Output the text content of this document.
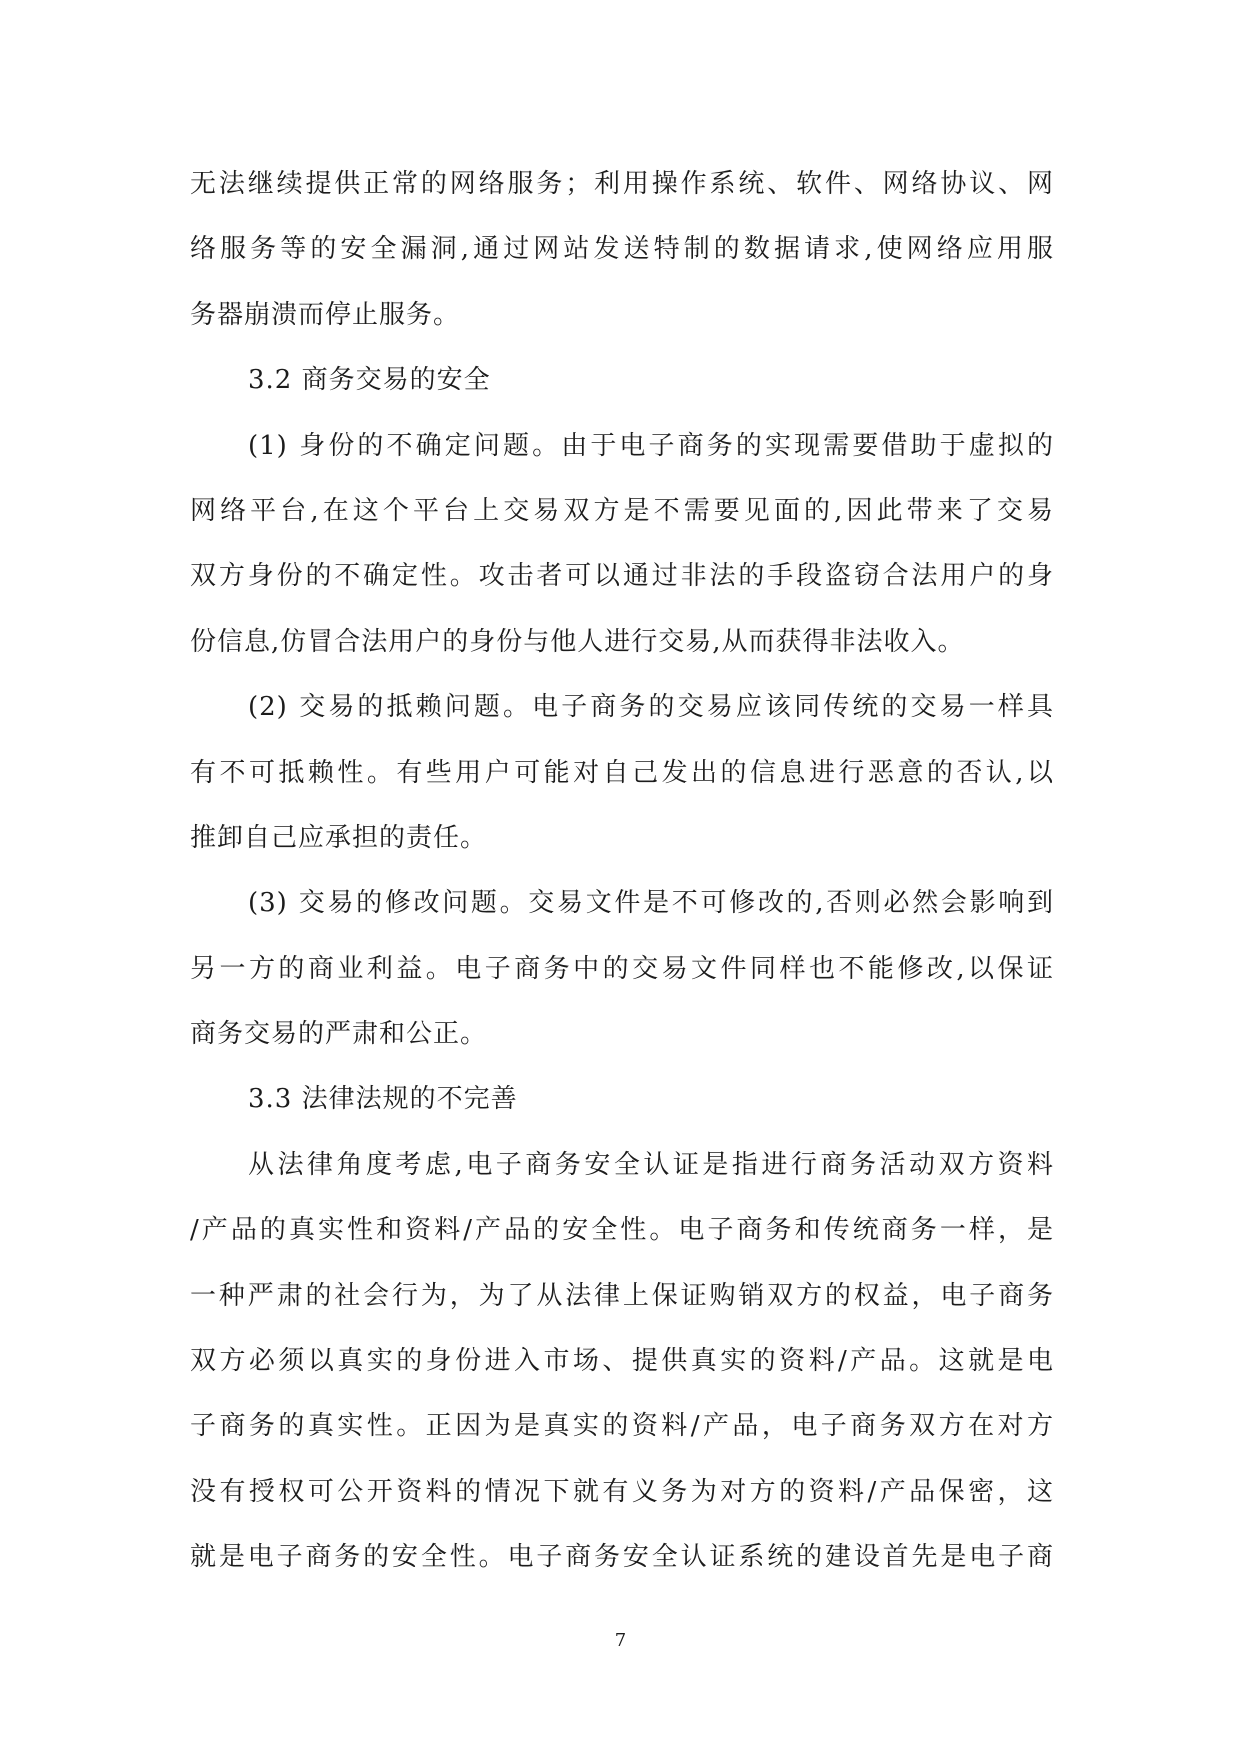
无法继续提供正常的网络服务；利用操作系统、软件、网络协议、网
络服务等的安全漏洞,通过网站发送特制的数据请求,使网络应用服
务器崩溃而停止服务。
3.2 商务交易的安全
(1) 身份的不确定问题。由于电子商务的实现需要借助于虚拟的
网络平台,在这个平台上交易双方是不需要见面的,因此带来了交易
双方身份的不确定性。攻击者可以通过非法的手段盗窃合法用户的身
份信息,仿冒合法用户的身份与他人进行交易,从而获得非法收入。
(2) 交易的抵赖问题。电子商务的交易应该同传统的交易一样具
有不可抵赖性。有些用户可能对自己发出的信息进行恶意的否认,以
推卸自己应承担的责任。
(3) 交易的修改问题。交易文件是不可修改的,否则必然会影响到
另一方的商业利益。电子商务中的交易文件同样也不能修改,以保证
商务交易的严肃和公正。
3.3 法律法规的不完善
从法律角度考虑,电子商务安全认证是指进行商务活动双方资料
/产品的真实性和资料/产品的安全性。电子商务和传统商务一样，是
一种严肃的社会行为，为了从法律上保证购销双方的权益，电子商务
双方必须以真实的身份进入市场、提供真实的资料/产品。这就是电
子商务的真实性。正因为是真实的资料/产品，电子商务双方在对方
没有授权可公开资料的情况下就有义务为对方的资料/产品保密，这
就是电子商务的安全性。电子商务安全认证系统的建设首先是电子商
7
